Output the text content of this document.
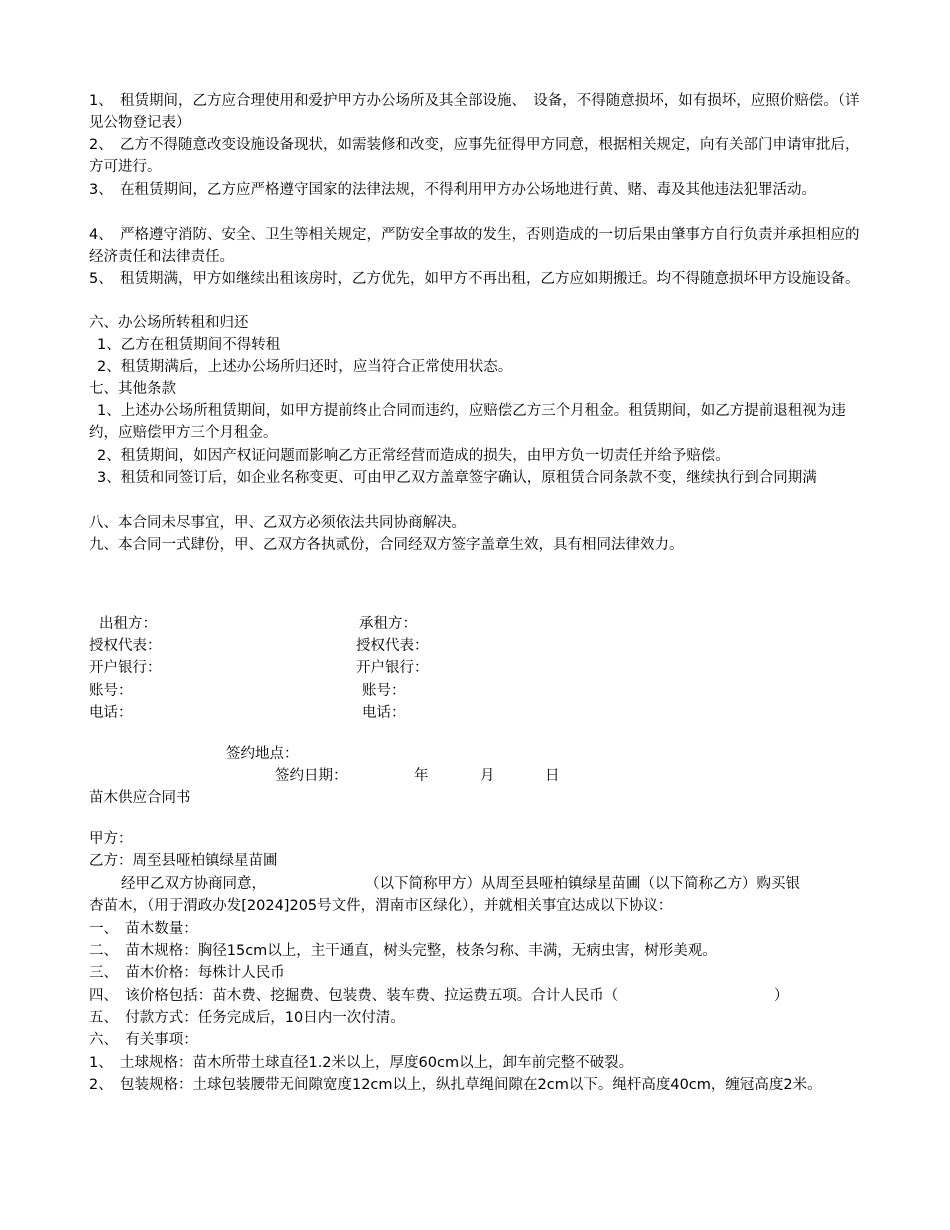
1、　租赁期间，乙方应合理使用和爱护甲方办公场所及其全部设施、　设备，不得随意损坏，如有损坏，应照价赔偿。（详见公物登记表）

2、　乙方不得随意改变设施设备现状，如需装修和改变，应事先征得甲方同意，根据相关规定，向有关部门申请审批后，方可进行。

3、　在租赁期间，乙方应严格遵守国家的法律法规，不得利用甲方办公场地进行黄、赌、毒及其他违法犯罪活动。

4、　严格遵守消防、安全、卫生等相关规定，严防安全事故的发生，否则造成的一切后果由肇事方自行负责并承担相应的经济责任和法律责任。

5、　租赁期满，甲方如继续出租该房时，乙方优先，如甲方不再出租，乙方应如期搬迁。均不得随意损坏甲方设施设备。

六、办公场所转租和归还

1、乙方在租赁期间不得转租

2、租赁期满后，上述办公场所归还时，应当符合正常使用状态。

七、其他条款

1、上述办公场所租赁期间，如甲方提前终止合同而违约，应赔偿乙方三个月租金。租赁期间，如乙方提前退租视为违约，应赔偿甲方三个月租金。

2、租赁期间，如因产权证问题而影响乙方正常经营而造成的损失，由甲方负一切责任并给予赔偿。

3、租赁和同签订后，如企业名称变更、可由甲乙双方盖章签字确认，原租赁合同条款不变，继续执行到合同期满

八、本合同未尽事宜，甲、乙双方必须依法共同协商解决。

九、本合同一式肆份，甲、乙双方各执贰份，合同经双方签字盖章生效，具有相同法律效力。

出租方：	承租方：

授权代表：	授权代表：

开户银行：	开户银行：

账号：	账号：

电话：	电话：

签约地点：

签约日期：	年	月	日

苗木供应合同书

甲方：

乙方：周至县哑柏镇绿星苗圃

经甲乙双方协商同意，	（以下简称甲方）从周至县哑柏镇绿星苗圃（以下简称乙方）购买银

杏苗木，（用于渭政办发[2024]205号文件，渭南市区绿化），并就相关事宜达成以下协议：

一、　苗木数量：

二、　苗木规格：胸径15cm以上，主干通直，树头完整，枝条匀称、丰满，无病虫害，树形美观。

三、　苗木价格：每株计人民币

四、　该价格包括：苗木费、挖掘费、包装费、装车费、拉运费五项。合计人民币（	）

五、　付款方式：任务完成后，10日内一次付清。

六、　有关事项：

1、　土球规格：苗木所带土球直径1.2米以上，厚度60cm以上，卸车前完整不破裂。

2、　包装规格：土球包装腰带无间隙宽度12cm以上，纵扎草绳间隙在2cm以下。绳杆高度40cm，缠冠高度2米。
